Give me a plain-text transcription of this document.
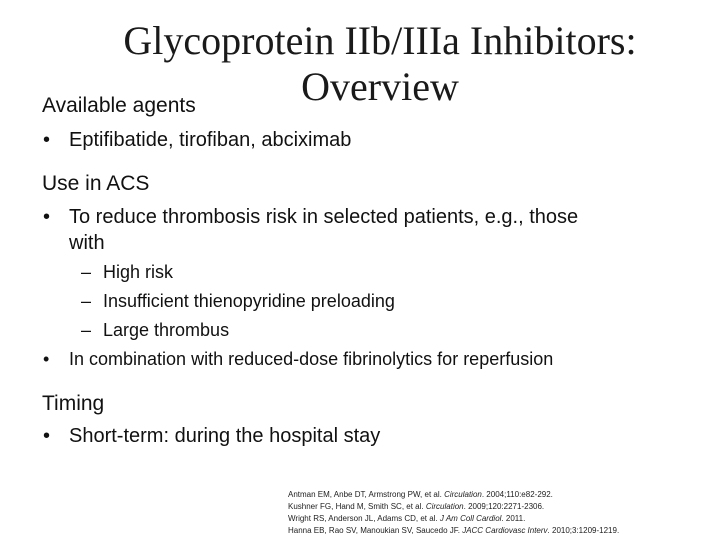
Glycoprotein IIb/IIIa Inhibitors:
Overview
Available agents
• Eptifibatide, tirofiban, abciximab
Use in ACS
• To reduce thrombosis risk in selected patients, e.g., those
with
– High risk
– Insufficient thienopyridine preloading
– Large thrombus
• In combination with reduced-dose fibrinolytics for reperfusion
Timing
• Short-term: during the hospital stay
Antman EM, Anbe DT, Armstrong PW, et al. Circulation. 2004;110:e82-292.
Kushner FG, Hand M, Smith SC, et al. Circulation. 2009;120:2271-2306.
Wright RS, Anderson JL, Adams CD, et al. J Am Coll Cardiol. 2011.
Hanna EB, Rao SV, Manoukian SV, Saucedo JF. JACC Cardiovasc Interv. 2010;3:1209-1219.
